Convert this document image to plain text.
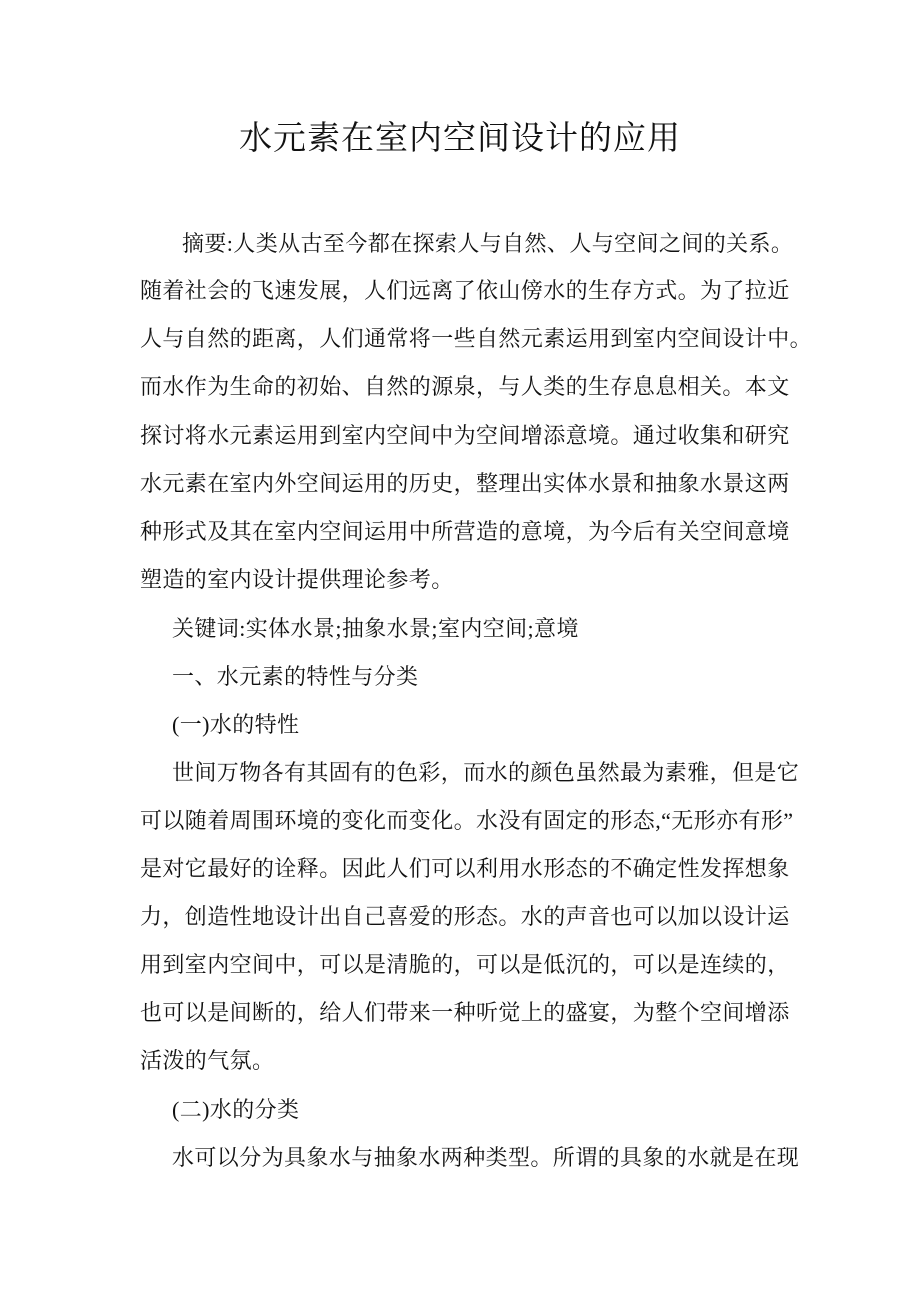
水元素在室内空间设计的应用
摘要:人类从古至今都在探索人与自然、人与空间之间的关系。
随着社会的飞速发展，人们远离了依山傍水的生存方式。为了拉近
人与自然的距离，人们通常将一些自然元素运用到室内空间设计中。
而水作为生命的初始、自然的源泉，与人类的生存息息相关。本文
探讨将水元素运用到室内空间中为空间增添意境。通过收集和研究
水元素在室内外空间运用的历史，整理出实体水景和抽象水景这两
种形式及其在室内空间运用中所营造的意境，为今后有关空间意境
塑造的室内设计提供理论参考。
关键词:实体水景;抽象水景;室内空间;意境
一、水元素的特性与分类
(一)水的特性
世间万物各有其固有的色彩，而水的颜色虽然最为素雅，但是它
可以随着周围环境的变化而变化。水没有固定的形态,“无形亦有形”
是对它最好的诠释。因此人们可以利用水形态的不确定性发挥想象
力，创造性地设计出自己喜爱的形态。水的声音也可以加以设计运
用到室内空间中，可以是清脆的，可以是低沉的，可以是连续的，
也可以是间断的，给人们带来一种听觉上的盛宴，为整个空间增添
活泼的气氛。
(二)水的分类
水可以分为具象水与抽象水两种类型。所谓的具象的水就是在现
